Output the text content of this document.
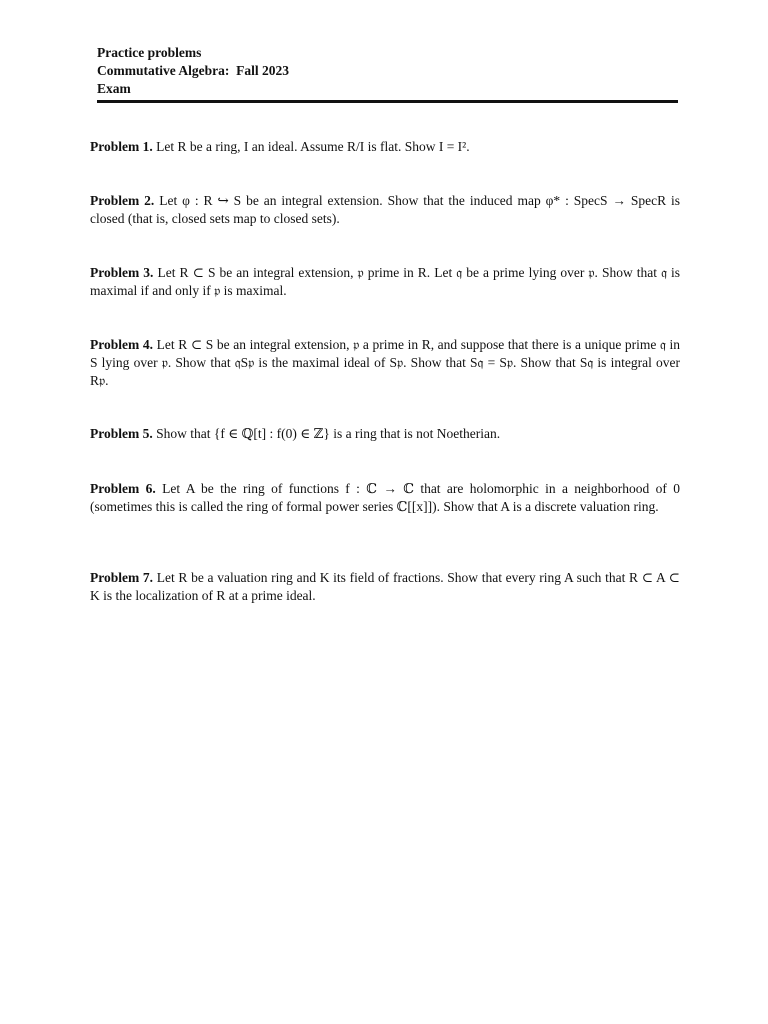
Practice problems
Commutative Algebra:  Fall 2023
Exam
Problem 1. Let R be a ring, I an ideal. Assume R/I is flat. Show I = I².
Problem 2. Let φ : R ↪ S be an integral extension. Show that the induced map φ* : SpecS → SpecR is closed (that is, closed sets map to closed sets).
Problem 3. Let R ⊂ S be an integral extension, 𝔭 prime in R. Let 𝔮 be a prime lying over 𝔭. Show that 𝔮 is maximal if and only if 𝔭 is maximal.
Problem 4. Let R ⊂ S be an integral extension, 𝔭 a prime in R, and suppose that there is a unique prime 𝔮 in S lying over 𝔭. Show that 𝔮S𝔭 is the maximal ideal of S𝔭. Show that S𝔮 = S𝔭. Show that S𝔮 is integral over R𝔭.
Problem 5. Show that {f ∈ ℚ[t] : f(0) ∈ ℤ} is a ring that is not Noetherian.
Problem 6. Let A be the ring of functions f : ℂ → ℂ that are holomorphic in a neighborhood of 0 (sometimes this is called the ring of formal power series ℂ[[x]]). Show that A is a discrete valuation ring.
Problem 7. Let R be a valuation ring and K its field of fractions. Show that every ring A such that R ⊂ A ⊂ K is the localization of R at a prime ideal.
